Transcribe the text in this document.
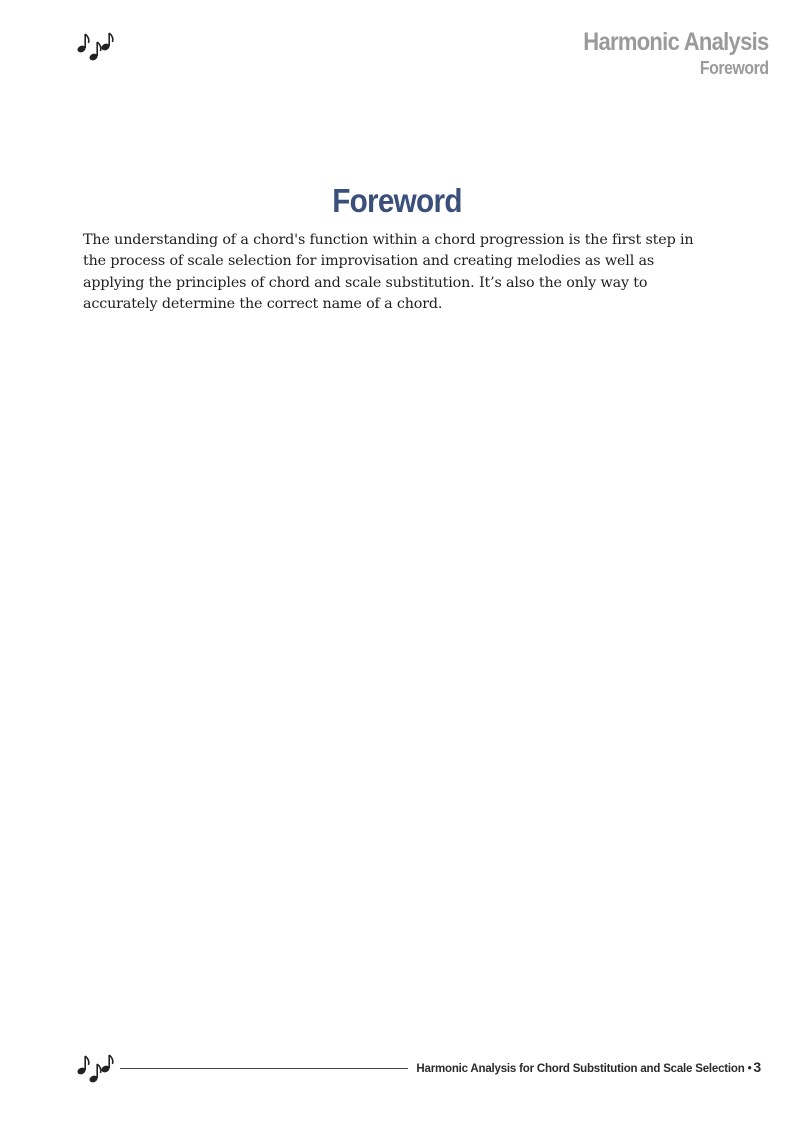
Harmonic Analysis
Foreword
Foreword

The understanding of a chord's function within a chord progression is the first step in the process of scale selection for improvisation and creating melodies as well as applying the principles of chord and scale substitution. It’s also the only way to accurately determine the correct name of a chord.

Harmonic Analysis for Chord Substitution and Scale Selection • 3
